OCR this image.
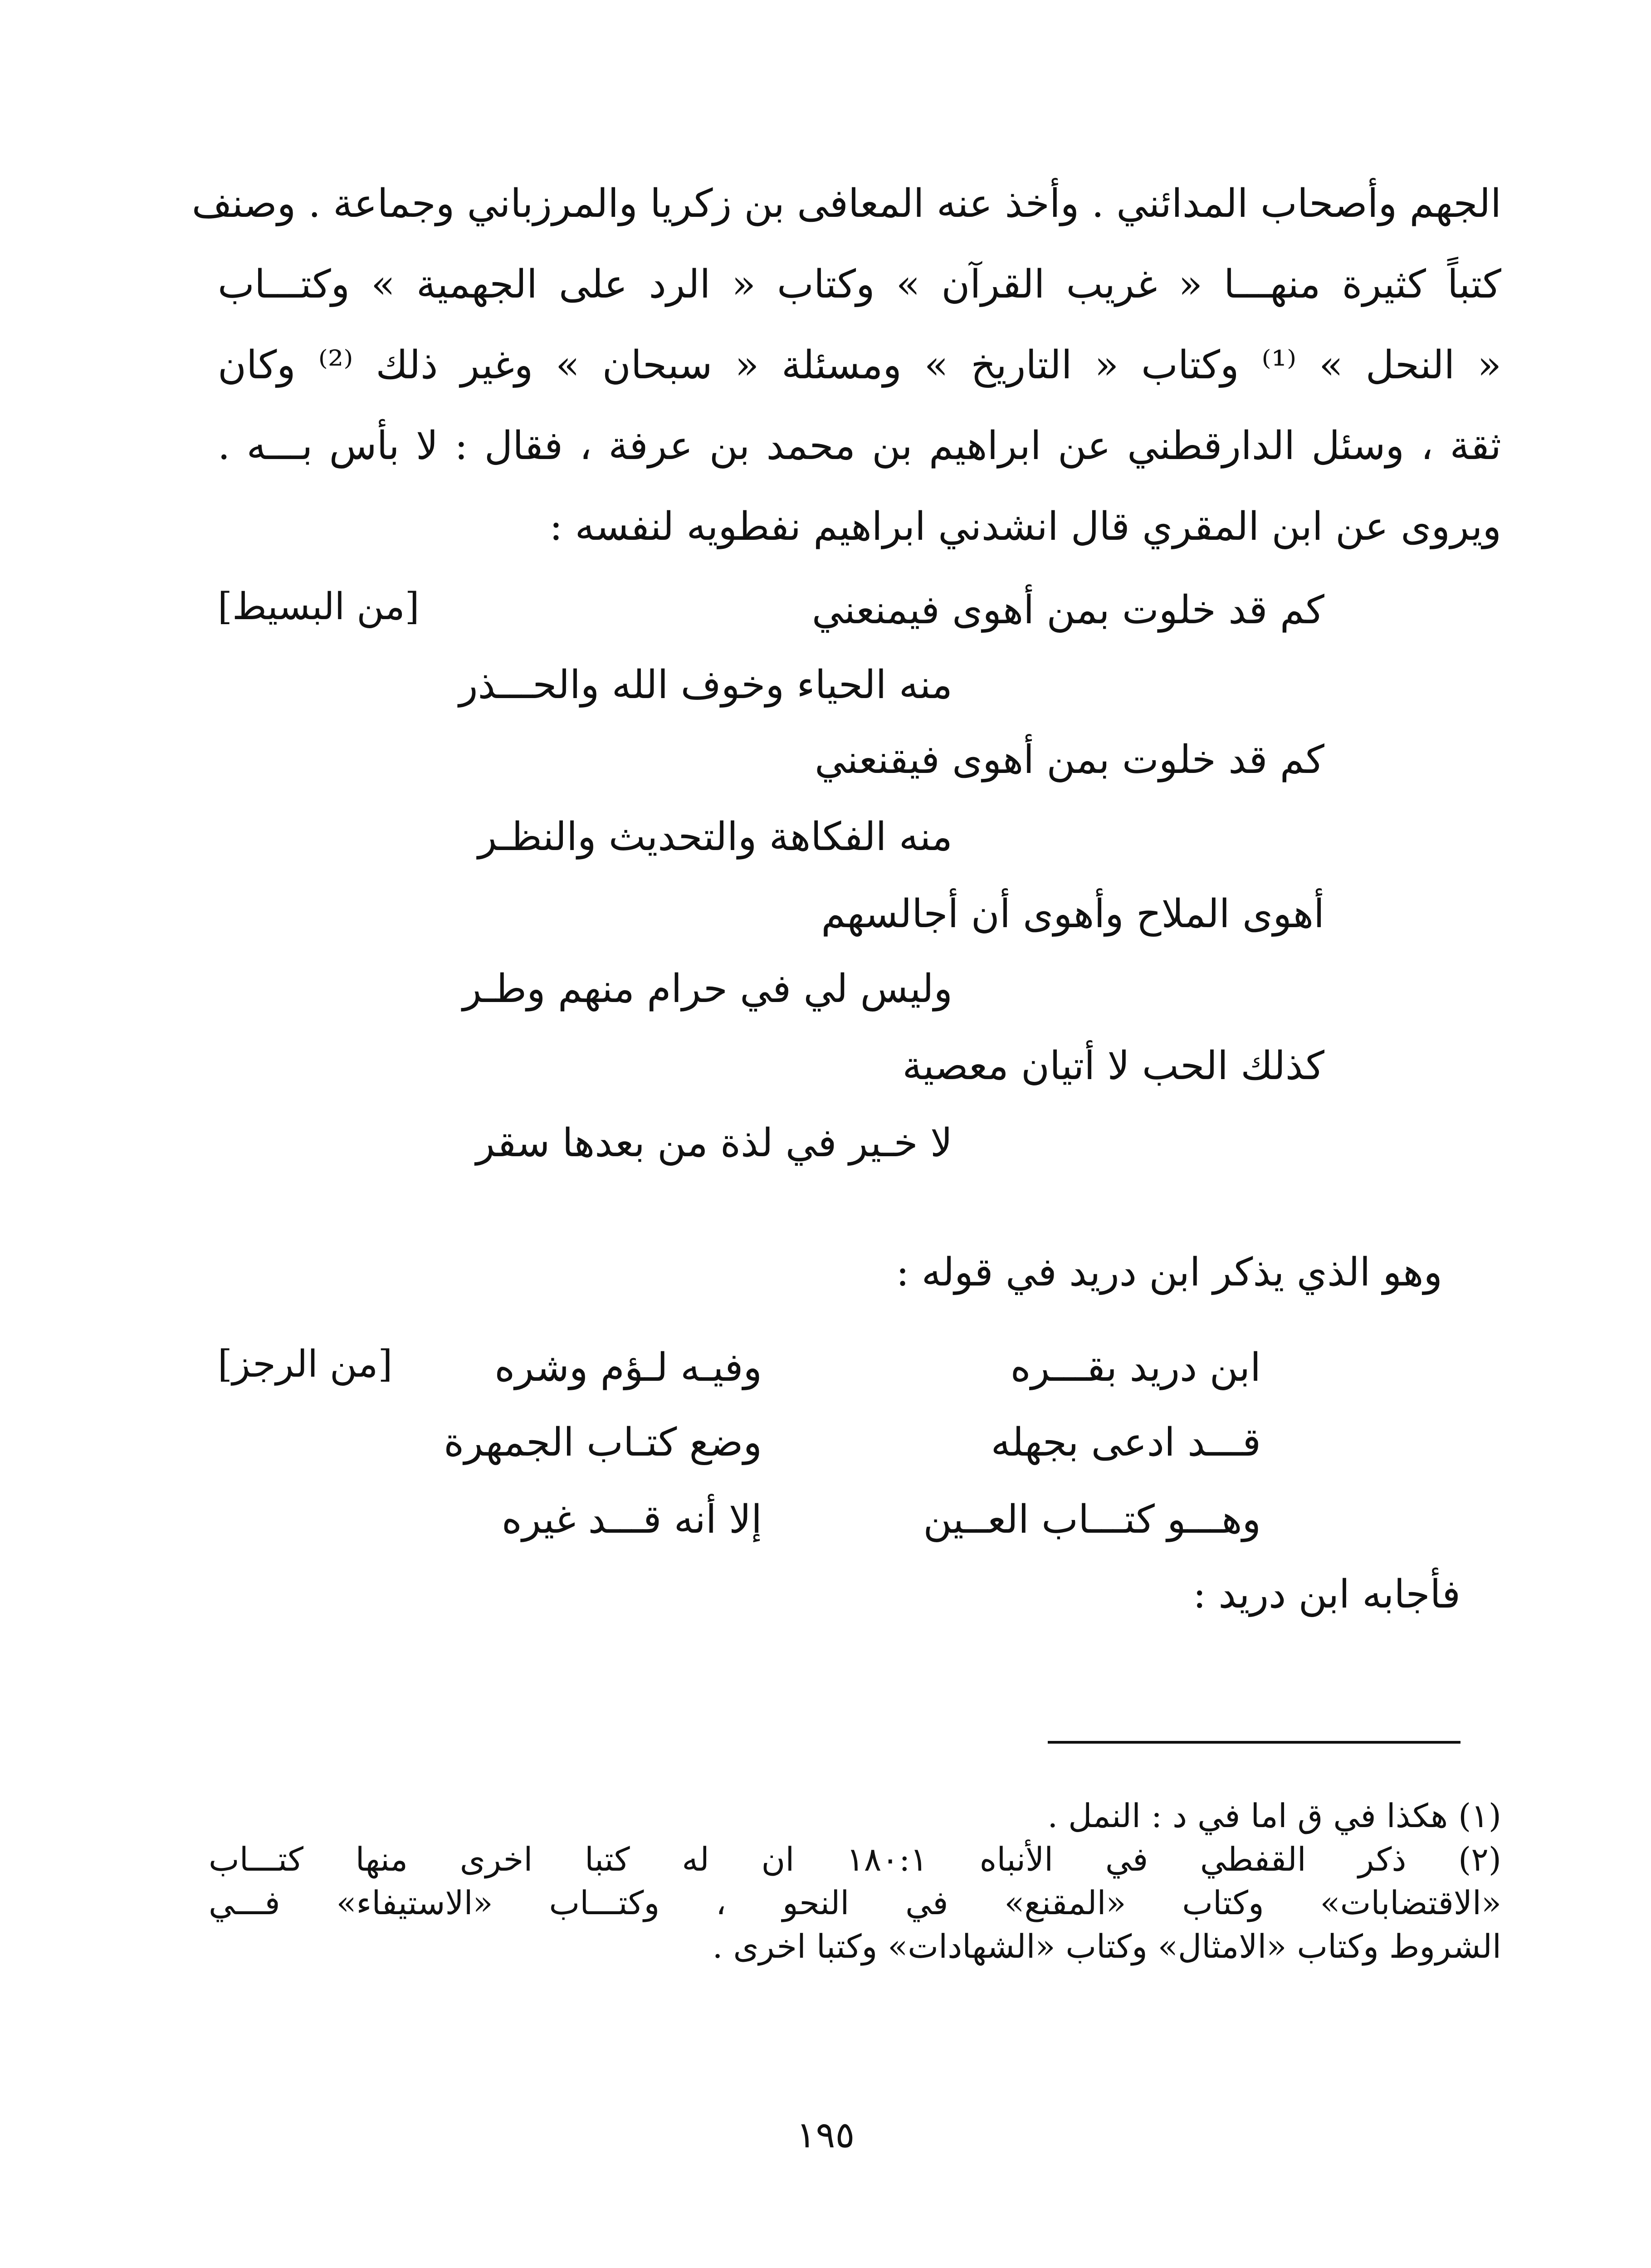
الجهم وأصحاب المدائني . وأخذ عنه المعافى بن زكريا والمرزباني وجماعة . وصنف
كتباً كثيرة منهـــا « غريب القرآن » وكتاب « الرد على الجهمية » وكتـــاب
« النحل » ⁽¹⁾ وكتاب « التاريخ » ومسئلة « سبحان » وغير ذلك ⁽²⁾ وكان
ثقة ، وسئل الدارقطني عن ابراهيم بن محمد بن عرفة ، فقال : لا بأس بـــه .
ويروى عن ابن المقري قال انشدني ابراهيم نفطويه لنفسه :
[من البسيط]	كم قد خلوت بمن أهوى فيمنعني
منه الحياء وخوف الله والحـــذر
كم قد خلوت بمن أهوى فيقنعني
منه الفكاهة والتحديث والنظـر
أهوى الملاح وأهوى أن أجالسهم
وليس لي في حرام منهم وطـر
كذلك الحب لا أتيان معصية
لا خـير في لذة من بعدها سقر
وهو الذي يذكر ابن دريد في قوله :
[من الرجز]	ابن دريد بقـــره
وفيـه لـؤم وشره
قـــد ادعى بجهله
وضع كتـاب الجمهرة
وهـــو كتـــاب العــين
إلا أنه قـــد غيره
فأجابه ابن دريد :
(١) هكذا في ق اما في د : النمل .
(٢) ذكر القفطي في الأنباه ١٨٠:١ ان له كتبا اخرى منها كتـــاب
«الاقتضابات» وكتاب «المقنع» في النحو ، وكتـــاب «الاستيفاء» فـــي
الشروط وكتاب «الامثال» وكتاب «الشهادات» وكتبا اخرى .
١٩٥
